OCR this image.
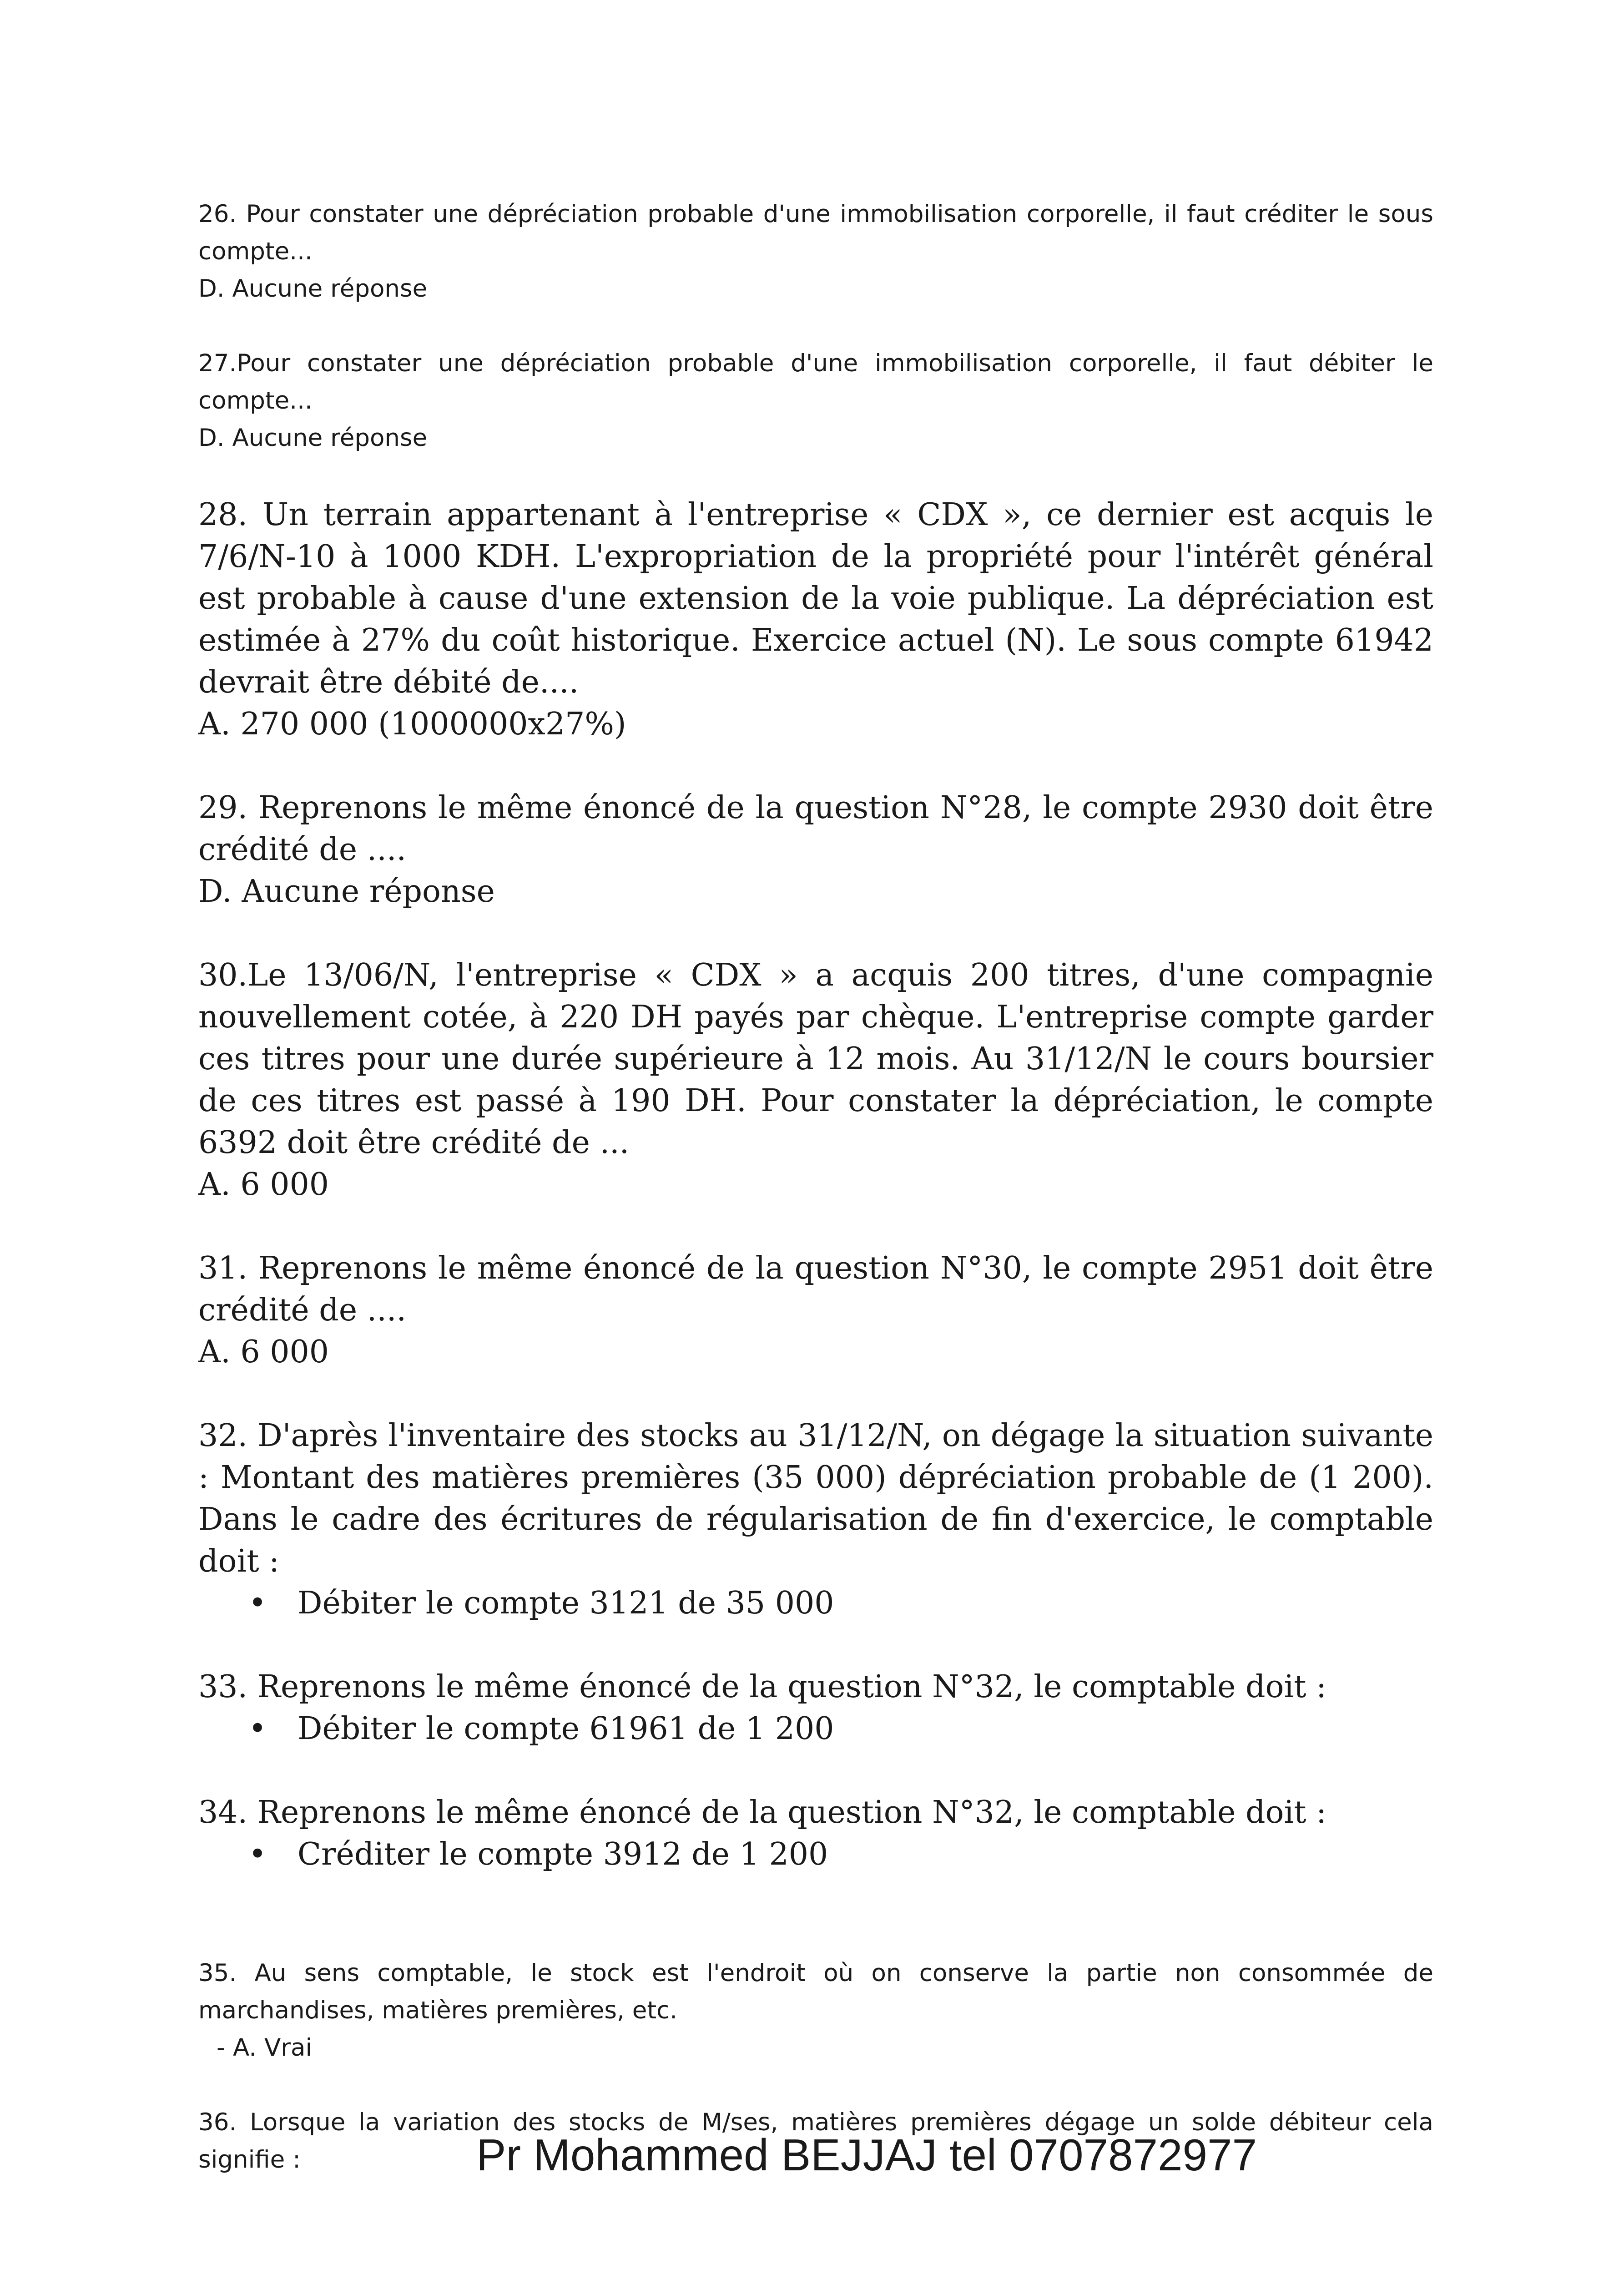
26. Pour constater une dépréciation probable d'une immobilisation corporelle, il faut créditer le sous compte...

D. Aucune réponse

27.Pour constater une dépréciation probable d'une immobilisation corporelle, il faut débiter le compte...

D. Aucune réponse

28. Un terrain appartenant à l'entreprise « CDX », ce dernier est acquis le 7/6/N-10 à 1000 KDH. L'expropriation de la propriété pour l'intérêt général est probable à cause d'une extension de la voie publique. La dépréciation est estimée à 27% du coût historique. Exercice actuel (N). Le sous compte 61942 devrait être débité de....

A. 270 000 (1000000x27%)

29. Reprenons le même énoncé de la question N°28, le compte 2930 doit être crédité de ....

D. Aucune réponse

30.Le 13/06/N, l'entreprise « CDX » a acquis 200 titres, d'une compagnie nouvellement cotée, à 220 DH payés par chèque. L'entreprise compte garder ces titres pour une durée supérieure à 12 mois. Au 31/12/N le cours boursier de ces titres est passé à 190 DH. Pour constater la dépréciation, le compte 6392 doit être crédité de ...

A. 6 000

31. Reprenons le même énoncé de la question N°30, le compte 2951 doit être crédité de ....

A. 6 000

32. D'après l'inventaire des stocks au 31/12/N, on dégage la situation suivante : Montant des matières premières (35 000) dépréciation probable de (1 200). Dans le cadre des écritures de régularisation de fin d'exercice, le comptable doit :

• Débiter le compte 3121 de 35 000

33. Reprenons le même énoncé de la question N°32, le comptable doit :

• Débiter le compte 61961 de 1 200

34. Reprenons le même énoncé de la question N°32, le comptable doit :

• Créditer le compte 3912 de 1 200

35. Au sens comptable, le stock est l'endroit où on conserve la partie non consommée de marchandises, matières premières, etc.

- A. Vrai

36. Lorsque la variation des stocks de M/ses, matières premières dégage un solde débiteur cela signifie :	Pr Mohammed BEJJAJ tel 0707872977
